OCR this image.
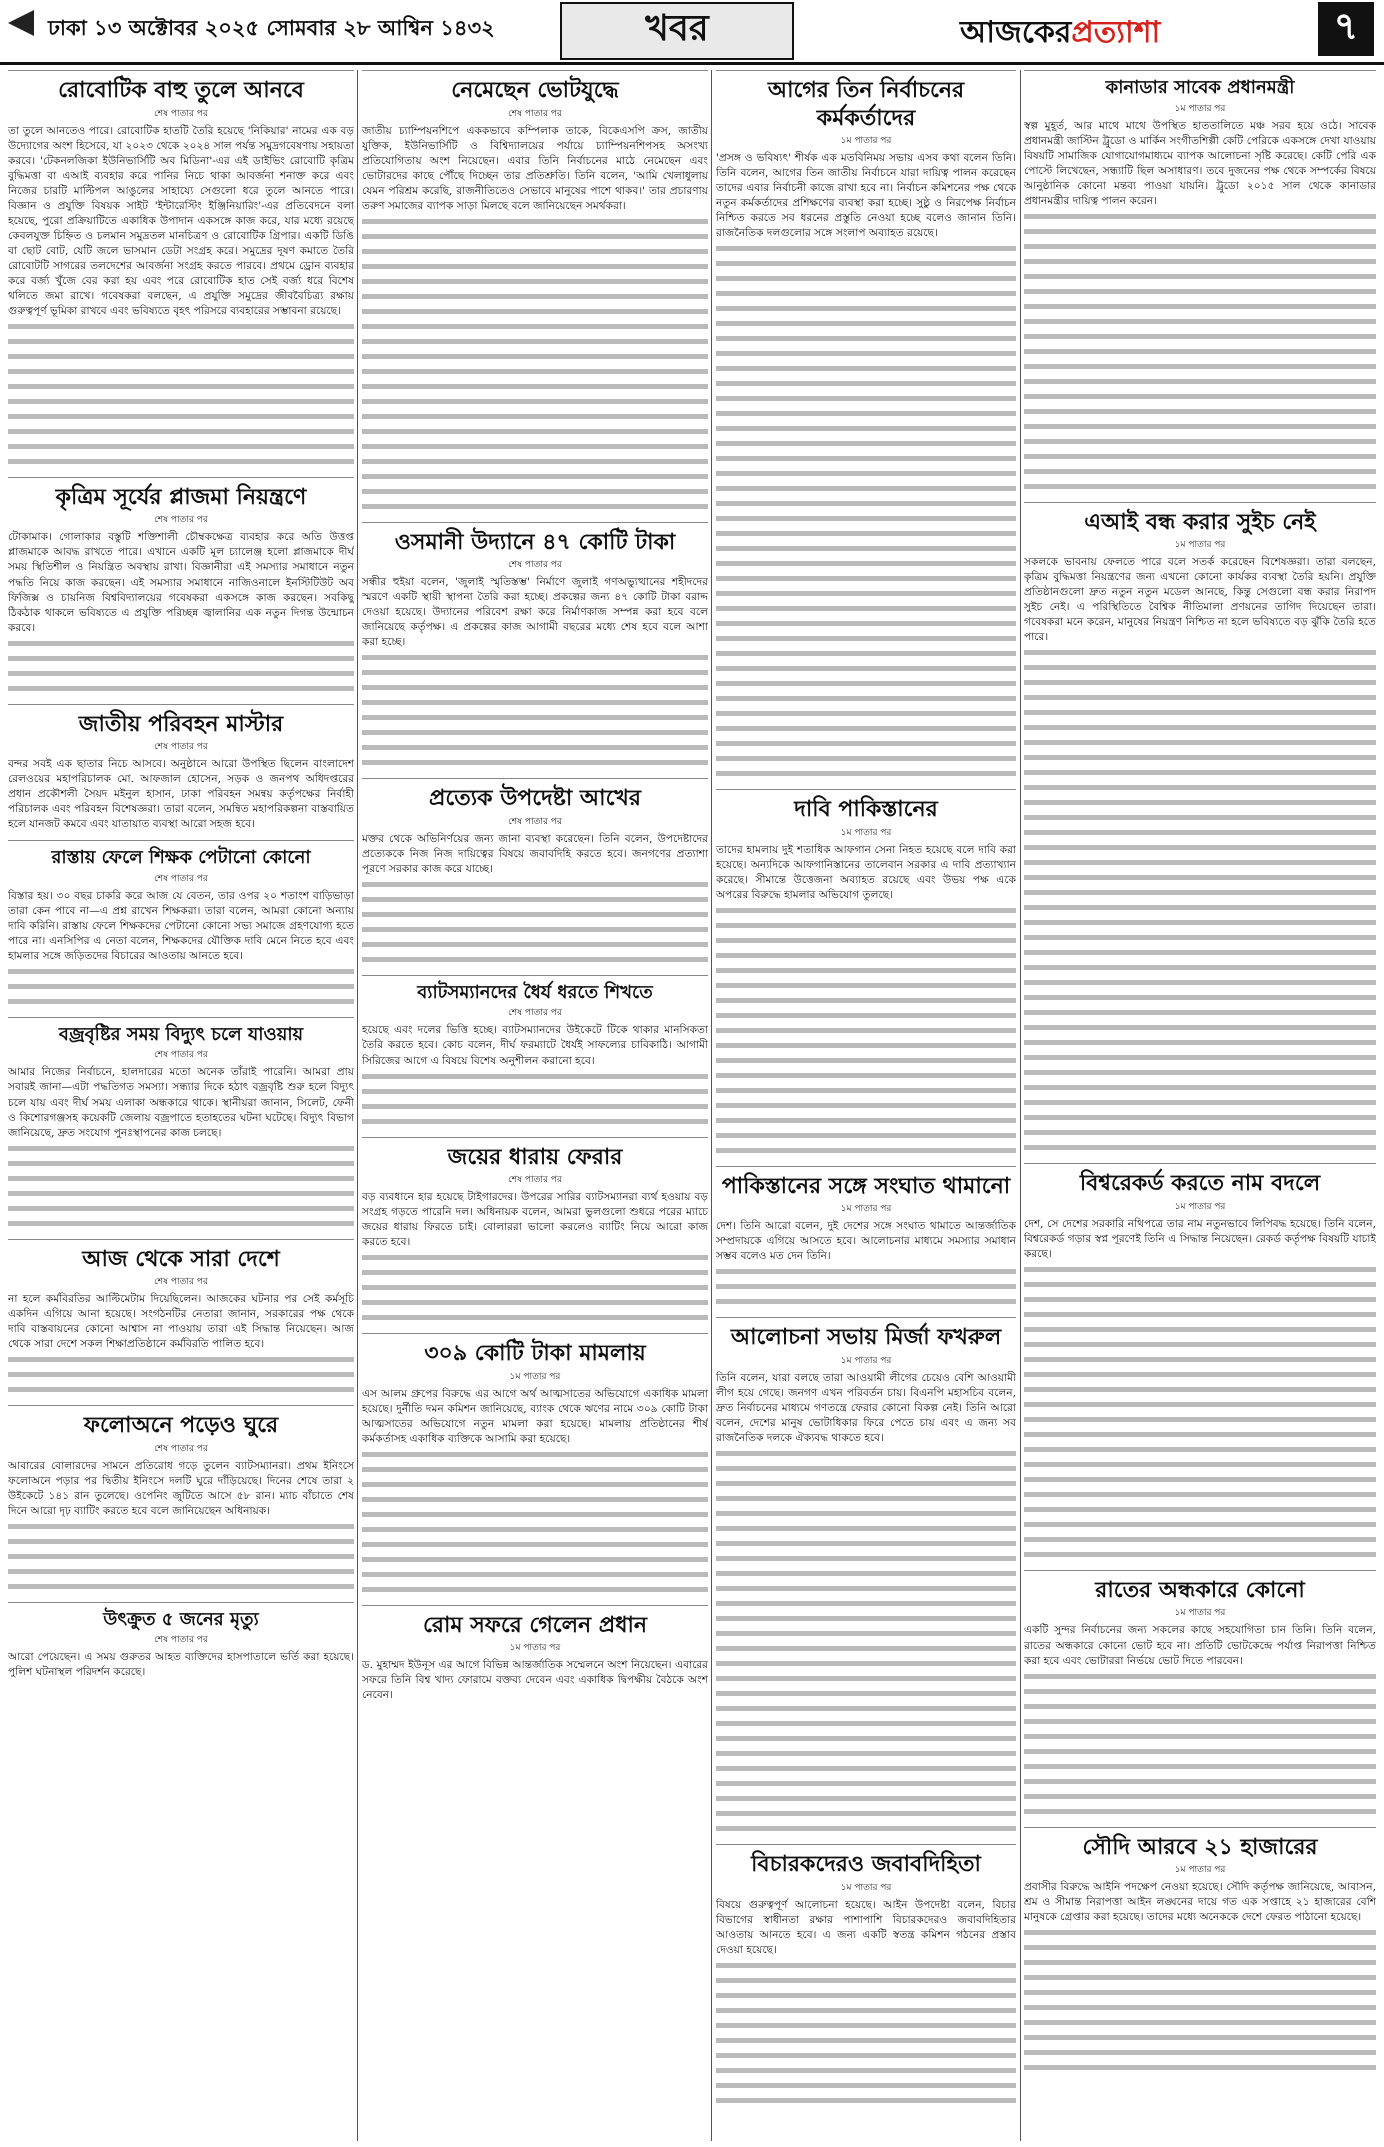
ঢাকা ১৩ অক্টোবর ২০২৫ সোমবার ২৮ আশ্বিন ১৪৩২	খবর	আজকেরপ্রত্যাশা	৭
রোবোটিক বাহু তুলে আনবে
শেষ পাতার পর

তা তুলে আনতেও পারে। রোবোটিক হাতটি তৈরি হয়েছে 'নিকিয়ার' নামের এক বড় উদ্যোগের অংশ হিসেবে, যা ২০২৩ থেকে ২০২৪ সাল পর্যন্ত সমুদ্রগবেষণায় সহায়তা করবে। 'টেকনলজিকা ইউনিভার্সিটি অব মিডিনা'-এর এই ডাইভিং রোবোটি কৃত্রিম বুদ্ধিমত্তা বা এআই ব্যবহার করে পানির নিচে থাকা আবর্জনা শনাক্ত করে এবং নিজের চারটি মাল্টিপল আঙুলের সাহায্যে সেগুলো ধরে তুলে আনতে পারে। বিজ্ঞান ও প্রযুক্তি বিষয়ক সাইট 'ইন্টারেস্টিং ইঞ্জিনিয়ারিং'-এর প্রতিবেদনে বলা হয়েছে, পুরো প্রক্রিয়াটিতে একাধিক উপাদান একসঙ্গে কাজ করে, যার মধ্যে রয়েছে কেবলযুক্ত চিহ্নিত ও চলমান সমুদ্রতল মানচিত্রণ ও রোবোটিক গ্রিপার। একটি ডিঙি বা ছোট বোট, যেটি জলে ভাসমান ডেটা সংগ্রহ করে। সমুদ্রের দূষণ কমাতে তৈরি রোবোটটি সাগরের তলদেশের আবর্জনা সংগ্রহ করতে পারবে। প্রথমে ড্রোন ব্যবহার করে বর্জ্য খুঁজে বের করা হয় এবং পরে রোবোটিক হাত সেই বর্জ্য ধরে বিশেষ থলিতে জমা রাখে। গবেষকরা বলছেন, এ প্রযুক্তি সমুদ্রের জীববৈচিত্র্য রক্ষায় গুরুত্বপূর্ণ ভূমিকা রাখবে এবং ভবিষ্যতে বৃহৎ পরিসরে ব্যবহারের সম্ভাবনা রয়েছে।

কৃত্রিম সূর্যের প্লাজমা নিয়ন্ত্রণে
শেষ পাতার পর

টোকামাক। গোলাকার বস্তুটি শক্তিশালী চৌম্বকক্ষেত্র ব্যবহার করে অতি উত্তপ্ত প্লাজমাকে আবদ্ধ রাখতে পারে। এখানে একটি মূল চ্যালেঞ্জ হলো প্লাজমাকে দীর্ঘ সময় স্থিতিশীল ও নিয়ন্ত্রিত অবস্থায় রাখা। বিজ্ঞানীরা এই সমস্যার সমাধানে নতুন পদ্ধতি নিয়ে কাজ করছেন। এই সমস্যার সমাধানে নাজিওনালে ইনস্টিটিউট অব ফিজিক্স ও চায়নিজ বিশ্ববিদ্যালয়ের গবেষকরা একসঙ্গে কাজ করছেন। সবকিছু ঠিকঠাক থাকলে ভবিষ্যতে এ প্রযুক্তি পরিচ্ছন্ন জ্বালানির এক নতুন দিগন্ত উন্মোচন করবে।

জাতীয় পরিবহন মাস্টার
শেষ পাতার পর

বন্দর সবই এক ছাতার নিচে আসবে। অনুষ্ঠানে আরো উপস্থিত ছিলেন বাংলাদেশ রেলওয়ের মহাপরিচালক মো. আফজাল হোসেন, সড়ক ও জনপথ অধিদপ্তরের প্রধান প্রকৌশলী সৈয়দ মইনুল হাসান, ঢাকা পরিবহন সমন্বয় কর্তৃপক্ষের নির্বাহী পরিচালক এবং পরিবহন বিশেষজ্ঞরা। তারা বলেন, সমন্বিত মহাপরিকল্পনা বাস্তবায়িত হলে যানজট কমবে এবং যাতায়াত ব্যবস্থা আরো সহজ হবে।

রাস্তায় ফেলে শিক্ষক পেটানো কোনো
শেষ পাতার পর

বিস্তার হয়। ৩০ বছর চাকরি করে আজ যে বেতন, তার ওপর ২০ শতাংশ বাড়িভাড়া তারা কেন পাবে না—এ প্রশ্ন রাখেন শিক্ষকরা। তারা বলেন, আমরা কোনো অন্যায় দাবি করিনি। রাস্তায় ফেলে শিক্ষকদের পেটানো কোনো সভ্য সমাজে গ্রহণযোগ্য হতে পারে না। এনসিপির এ নেতা বলেন, শিক্ষকদের যৌক্তিক দাবি মেনে নিতে হবে এবং হামলার সঙ্গে জড়িতদের বিচারের আওতায় আনতে হবে।

বজ্রবৃষ্টির সময় বিদ্যুৎ চলে যাওয়ায়
শেষ পাতার পর

আমার নিজের নির্বাচনে, হালদারের মতো অনেক তাঁরাই পারেনি। আমরা প্রায় সবারই জানা—এটা পদ্ধতিগত সমস্যা। সন্ধ্যার দিকে হঠাৎ বজ্রবৃষ্টি শুরু হলে বিদ্যুৎ চলে যায় এবং দীর্ঘ সময় এলাকা অন্ধকারে থাকে। স্থানীয়রা জানান, সিলেট, ফেনী ও কিশোরগঞ্জসহ কয়েকটি জেলায় বজ্রপাতে হতাহতের ঘটনা ঘটেছে। বিদ্যুৎ বিভাগ জানিয়েছে, দ্রুত সংযোগ পুনঃস্থাপনের কাজ চলছে।

আজ থেকে সারা দেশে
শেষ পাতার পর

না হলে কর্মবিরতির আল্টিমেটাম দিয়েছিলেন। আজকের ঘটনার পর সেই কর্মসূচি একদিন এগিয়ে আনা হয়েছে। সংগঠনটির নেতারা জানান, সরকারের পক্ষ থেকে দাবি বাস্তবায়নের কোনো আশ্বাস না পাওয়ায় তারা এই সিদ্ধান্ত নিয়েছেন। আজ থেকে সারা দেশে সকল শিক্ষাপ্রতিষ্ঠানে কর্মবিরতি পালিত হবে।

ফলোঅনে পড়েও ঘুরে
শেষ পাতার পর

আবারের বোলারদের সামনে প্রতিরোধ গড়ে তুলেন ব্যাটসম্যানরা। প্রথম ইনিংসে ফলোঅনে পড়ার পর দ্বিতীয় ইনিংসে দলটি ঘুরে দাঁড়িয়েছে। দিনের শেষে তারা ২ উইকেটে ১৪১ রান তুলেছে। ওপেনিং জুটিতে আসে ৫৮ রান। ম্যাচ বাঁচাতে শেষ দিনে আরো দৃঢ় ব্যাটিং করতে হবে বলে জানিয়েছেন অধিনায়ক।

উৎক্রুত ৫ জনের মৃত্যু
শেষ পাতার পর

আরো পেয়েছেন। এ সময় গুরুতর আহত ব্যক্তিদের হাসপাতালে ভর্তি করা হয়েছে। পুলিশ ঘটনাস্থল পরিদর্শন করেছে।

নেমেছেন ভোটযুদ্ধে
শেষ পাতার পর

জাতীয় চ্যাম্পিয়নশিপে এককভাবে কম্পিলাক তাকে, বিকেএসপি ক্রস, জাতীয় যুক্তিক, ইউনিভার্সিটি ও বিশ্বিদ্যালয়ের পর্যায়ে চ্যাম্পিয়নশিপসহ অসংখ্য প্রতিযোগিতায় অংশ নিয়েছেন। এবার তিনি নির্বাচনের মাঠে নেমেছেন এবং ভোটারদের কাছে পৌঁছে দিচ্ছেন তার প্রতিশ্রুতি। তিনি বলেন, 'আমি খেলাধুলায় যেমন পরিশ্রম করেছি, রাজনীতিতেও সেভাবে মানুষের পাশে থাকব।' তার প্রচারণায় তরুণ সমাজের ব্যাপক সাড়া মিলছে বলে জানিয়েছেন সমর্থকরা।

ওসমানী উদ্যানে ৪৭ কোটি টাকা
শেষ পাতার পর

সন্ধীর হুইয়া বলেন, 'জুলাই স্মৃতিস্তম্ভ' নির্মাণে জুলাই গণঅভ্যুত্থানের শহীদদের স্মরণে একটি স্থায়ী স্থাপনা তৈরি করা হচ্ছে। প্রকল্পের জন্য ৪৭ কোটি টাকা বরাদ্দ দেওয়া হয়েছে। উদ্যানের পরিবেশ রক্ষা করে নির্মাণকাজ সম্পন্ন করা হবে বলে জানিয়েছে কর্তৃপক্ষ। এ প্রকল্পের কাজ আগামী বছরের মধ্যে শেষ হবে বলে আশা করা হচ্ছে।

প্রত্যেক উপদেষ্টা আখের
শেষ পাতার পর

মক্তর থেকে অভিনির্ণয়ের জন্য জানা ব্যবস্থা করেছেন। তিনি বলেন, উপদেষ্টাদের প্রত্যেককে নিজ নিজ দায়িত্বের বিষয়ে জবাবদিহি করতে হবে। জনগণের প্রত্যাশা পূরণে সরকার কাজ করে যাচ্ছে।

ব্যাটসম্যানদের ধৈর্য ধরতে শিখতে
শেষ পাতার পর

হয়েছে এবং দলের ভিত্তি হচ্ছে। ব্যাটসম্যানদের উইকেটে টিকে থাকার মানসিকতা তৈরি করতে হবে। কোচ বলেন, দীর্ঘ ফরম্যাটে ধৈর্যই সাফল্যের চাবিকাঠি। আগামী সিরিজের আগে এ বিষয়ে বিশেষ অনুশীলন করানো হবে।

জয়ের ধারায় ফেরার
শেষ পাতার পর

বড় ব্যবধানে হার হয়েছে টাইগারদের। উপরের সারির ব্যাটসম্যানরা ব্যর্থ হওয়ায় বড় সংগ্রহ গড়তে পারেনি দল। অধিনায়ক বলেন, আমরা ভুলগুলো শুধরে পরের ম্যাচে জয়ের ধারায় ফিরতে চাই। বোলাররা ভালো করলেও ব্যাটিং নিয়ে আরো কাজ করতে হবে।

৩০৯ কোটি টাকা মামলায়
১ম পাতার পর

এস আলম গ্রুপের বিরুদ্ধে এর আগে অর্থ আত্মসাতের অভিযোগে একাধিক মামলা হয়েছে। দুর্নীতি দমন কমিশন জানিয়েছে, ব্যাংক থেকে ঋণের নামে ৩০৯ কোটি টাকা আত্মসাতের অভিযোগে নতুন মামলা করা হয়েছে। মামলায় প্রতিষ্ঠানের শীর্ষ কর্মকর্তাসহ একাধিক ব্যক্তিকে আসামি করা হয়েছে।

রোম সফরে গেলেন প্রধান
১ম পাতার পর

ড. মুহাম্মদ ইউনূস এর আগে বিভিন্ন আন্তর্জাতিক সম্মেলনে অংশ নিয়েছেন। এবারের সফরে তিনি বিশ্ব খাদ্য ফোরামে বক্তব্য দেবেন এবং একাধিক দ্বিপক্ষীয় বৈঠকে অংশ নেবেন।

আগের তিন নির্বাচনের কর্মকর্তাদের
১ম পাতার পর

'প্রসঙ্গ ও ভবিষ্যৎ' শীর্ষক এক মতবিনিময় সভায় এসব কথা বলেন তিনি। তিনি বলেন, আগের তিন জাতীয় নির্বাচনে যারা দায়িত্ব পালন করেছেন তাদের এবার নির্বাচনী কাজে রাখা হবে না। নির্বাচন কমিশনের পক্ষ থেকে নতুন কর্মকর্তাদের প্রশিক্ষণের ব্যবস্থা করা হচ্ছে। সুষ্ঠু ও নিরপেক্ষ নির্বাচন নিশ্চিত করতে সব ধরনের প্রস্তুতি নেওয়া হচ্ছে বলেও জানান তিনি। রাজনৈতিক দলগুলোর সঙ্গে সংলাপ অব্যাহত রয়েছে।

দাবি পাকিস্তানের
১ম পাতার পর

তাদের হামলায় দুই শতাধিক আফগান সেনা নিহত হয়েছে বলে দাবি করা হয়েছে। অন্যদিকে আফগানিস্তানের তালেবান সরকার এ দাবি প্রত্যাখ্যান করেছে। সীমান্তে উত্তেজনা অব্যাহত রয়েছে এবং উভয় পক্ষ একে অপরের বিরুদ্ধে হামলার অভিযোগ তুলছে।

পাকিস্তানের সঙ্গে সংঘাত থামানো
১ম পাতার পর

দেশ। তিনি আরো বলেন, দুই দেশের সঙ্গে সংঘাত থামাতে আন্তর্জাতিক সম্প্রদায়কে এগিয়ে আসতে হবে। আলোচনার মাধ্যমে সমস্যার সমাধান সম্ভব বলেও মত দেন তিনি।

আলোচনা সভায় মির্জা ফখরুল
১ম পাতার পর

তিনি বলেন, যারা বলছে তারা আওয়ামী লীগের চেয়েও বেশি আওয়ামী লীগ হয়ে গেছে। জনগণ এখন পরিবর্তন চায়। বিএনপি মহাসচিব বলেন, দ্রুত নির্বাচনের মাধ্যমে গণতন্ত্রে ফেরার কোনো বিকল্প নেই। তিনি আরো বলেন, দেশের মানুষ ভোটাধিকার ফিরে পেতে চায় এবং এ জন্য সব রাজনৈতিক দলকে ঐক্যবদ্ধ থাকতে হবে।

বিচারকদেরও জবাবদিহিতা
১ম পাতার পর

বিষয়ে গুরুত্বপূর্ণ আলোচনা হয়েছে। আইন উপদেষ্টা বলেন, বিচার বিভাগের স্বাধীনতা রক্ষার পাশাপাশি বিচারকদেরও জবাবদিহিতার আওতায় আনতে হবে। এ জন্য একটি স্বতন্ত্র কমিশন গঠনের প্রস্তাব দেওয়া হয়েছে।

কানাডার সাবেক প্রধানমন্ত্রী
১ম পাতার পর

স্বল্প মুহূর্ত, আর মাথে মাথে উপস্থিত হাততালিতে মঞ্চ সরব হয়ে ওঠে। সাবেক প্রধানমন্ত্রী জাস্টিন ট্রুডো ও মার্কিন সংগীতশিল্পী কেটি পেরিকে একসঙ্গে দেখা যাওয়ায় বিষয়টি সামাজিক যোগাযোগমাধ্যমে ব্যাপক আলোচনা সৃষ্টি করেছে। কেটি পেরি এক পোস্টে লিখেছেন, সন্ধ্যাটি ছিল অসাধারণ। তবে দুজনের পক্ষ থেকে সম্পর্কের বিষয়ে আনুষ্ঠানিক কোনো মন্তব্য পাওয়া যায়নি। ট্রুডো ২০১৫ সাল থেকে কানাডার প্রধানমন্ত্রীর দায়িত্ব পালন করেন।

এআই বন্ধ করার সুইচ নেই
১ম পাতার পর

সকলকে ভাবনায় ফেলতে পারে বলে সতর্ক করেছেন বিশেষজ্ঞরা। তারা বলছেন, কৃত্রিম বুদ্ধিমত্তা নিয়ন্ত্রণের জন্য এখনো কোনো কার্যকর ব্যবস্থা তৈরি হয়নি। প্রযুক্তি প্রতিষ্ঠানগুলো দ্রুত নতুন নতুন মডেল আনছে, কিন্তু সেগুলো বন্ধ করার নিরাপদ সুইচ নেই। এ পরিস্থিতিতে বৈশ্বিক নীতিমালা প্রণয়নের তাগিদ দিয়েছেন তারা। গবেষকরা মনে করেন, মানুষের নিয়ন্ত্রণ নিশ্চিত না হলে ভবিষ্যতে বড় ঝুঁকি তৈরি হতে পারে।

বিশ্বরেকর্ড করতে নাম বদলে
১ম পাতার পর

দেশ, সে দেশের সরকারি নথিপত্রে তার নাম নতুনভাবে লিপিবদ্ধ হয়েছে। তিনি বলেন, বিশ্বরেকর্ড গড়ার স্বপ্ন পূরণেই তিনি এ সিদ্ধান্ত নিয়েছেন। রেকর্ড কর্তৃপক্ষ বিষয়টি যাচাই করছে।

রাতের অন্ধকারে কোনো
১ম পাতার পর

একটি সুন্দর নির্বাচনের জন্য সকলের কাছে সহযোগিতা চান তিনি। তিনি বলেন, রাতের অন্ধকারে কোনো ভোট হবে না। প্রতিটি ভোটকেন্দ্রে পর্যাপ্ত নিরাপত্তা নিশ্চিত করা হবে এবং ভোটাররা নির্ভয়ে ভোট দিতে পারবেন।

সৌদি আরবে ২১ হাজারের
১ম পাতার পর

প্রবাসীর বিরুদ্ধে আইনি পদক্ষেপ নেওয়া হয়েছে। সৌদি কর্তৃপক্ষ জানিয়েছে, আবাসন, শ্রম ও সীমান্ত নিরাপত্তা আইন লঙ্ঘনের দায়ে গত এক সপ্তাহে ২১ হাজারের বেশি মানুষকে গ্রেপ্তার করা হয়েছে। তাদের মধ্যে অনেককে দেশে ফেরত পাঠানো হয়েছে।
